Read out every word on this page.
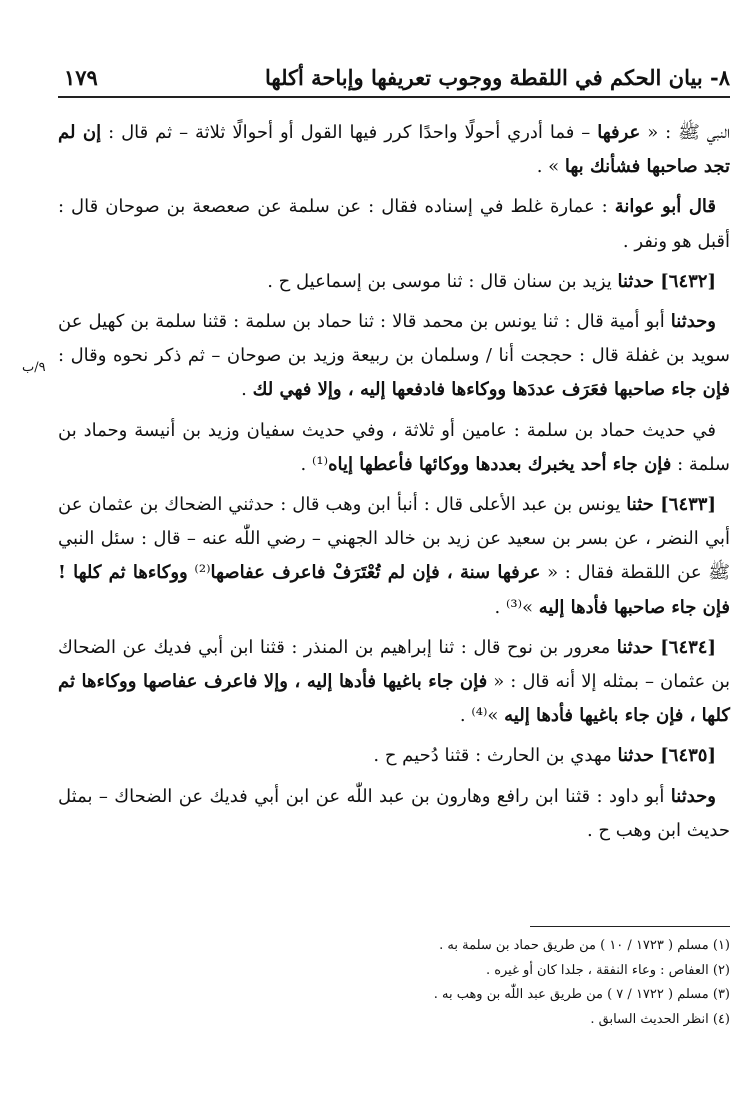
٨- بيان الحكم في اللقطة ووجوب تعريفها وإباحة أكلها
١٧٩
٩/ب

النبي ﷺ : « عرفها – فما أدري أحولًا واحدًا كرر فيها القول أو أحوالًا ثلاثة – ثم قال : إن لم تجد صاحبها فشأنك بها » .

قال أبو عوانة : عمارة غلط في إسناده فقال : عن سلمة عن صعصعة بن صوحان قال : أقبل هو ونفر .

[٦٤٣٢] حدثنا يزيد بن سنان قال : ثنا موسى بن إسماعيل ح .

وحدثنا أبو أمية قال : ثنا يونس بن محمد قالا : ثنا حماد بن سلمة : قثنا سلمة بن كهيل عن سويد بن غفلة قال : حججت أنا / وسلمان بن ربيعة وزيد بن صوحان – ثم ذكر نحوه وقال : فإن جاء صاحبها فعَرَف عددَها ووكاءها فادفعها إليه ، وإلا فهي لك .

في حديث حماد بن سلمة : عامين أو ثلاثة ، وفي حديث سفيان وزيد بن أنيسة وحماد بن سلمة : فإن جاء أحد يخبرك بعددها ووكائها فأعطها إياه⁽¹⁾ .

[٦٤٣٣] حثنا يونس بن عبد الأعلى قال : أنبأ ابن وهب قال : حدثني الضحاك بن عثمان عن أبي النضر ، عن بسر بن سعيد عن زيد بن خالد الجهني – رضي اللّٰه عنه – قال : سئل النبي ﷺ عن اللقطة فقال : « عرفها سنة ، فإن لم تُعْتَرَفْ فاعرف عفاصها⁽²⁾ ووكاءها ثم كلها ! فإن جاء صاحبها فأدها إليه »⁽³⁾ .

[٦٤٣٤] حدثنا معرور بن نوح قال : ثنا إبراهيم بن المنذر : قثنا ابن أبي فديك عن الضحاك بن عثمان – بمثله إلا أنه قال : « فإن جاء باغيها فأدها إليه ، وإلا فاعرف عفاصها ووكاءها ثم كلها ، فإن جاء باغيها فأدها إليه »⁽⁴⁾ .

[٦٤٣٥] حدثنا مهدي بن الحارث : قثنا دُحيم ح .

وحدثنا أبو داود : قثنا ابن رافع وهارون بن عبد اللّٰه عن ابن أبي فديك عن الضحاك – بمثل حديث ابن وهب ح .

(١) مسلم ( ١٧٢٣ / ١٠ ) من طريق حماد بن سلمة به .
(٢) العفاص : وعاء النفقة ، جلدا كان أو غيره .
(٣) مسلم ( ١٧٢٢ / ٧ ) من طريق عبد اللّٰه بن وهب به .
(٤) انظر الحديث السابق .
